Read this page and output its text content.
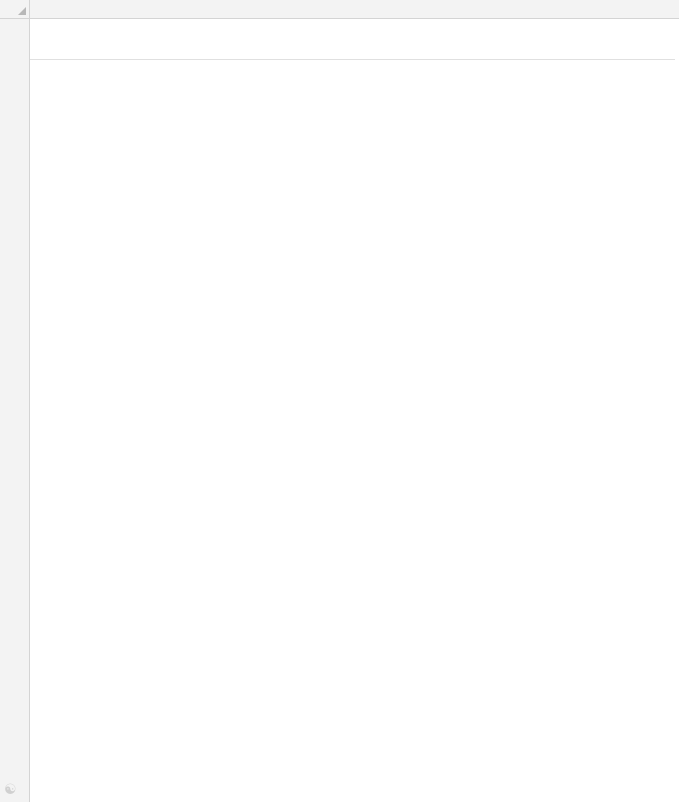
☯
